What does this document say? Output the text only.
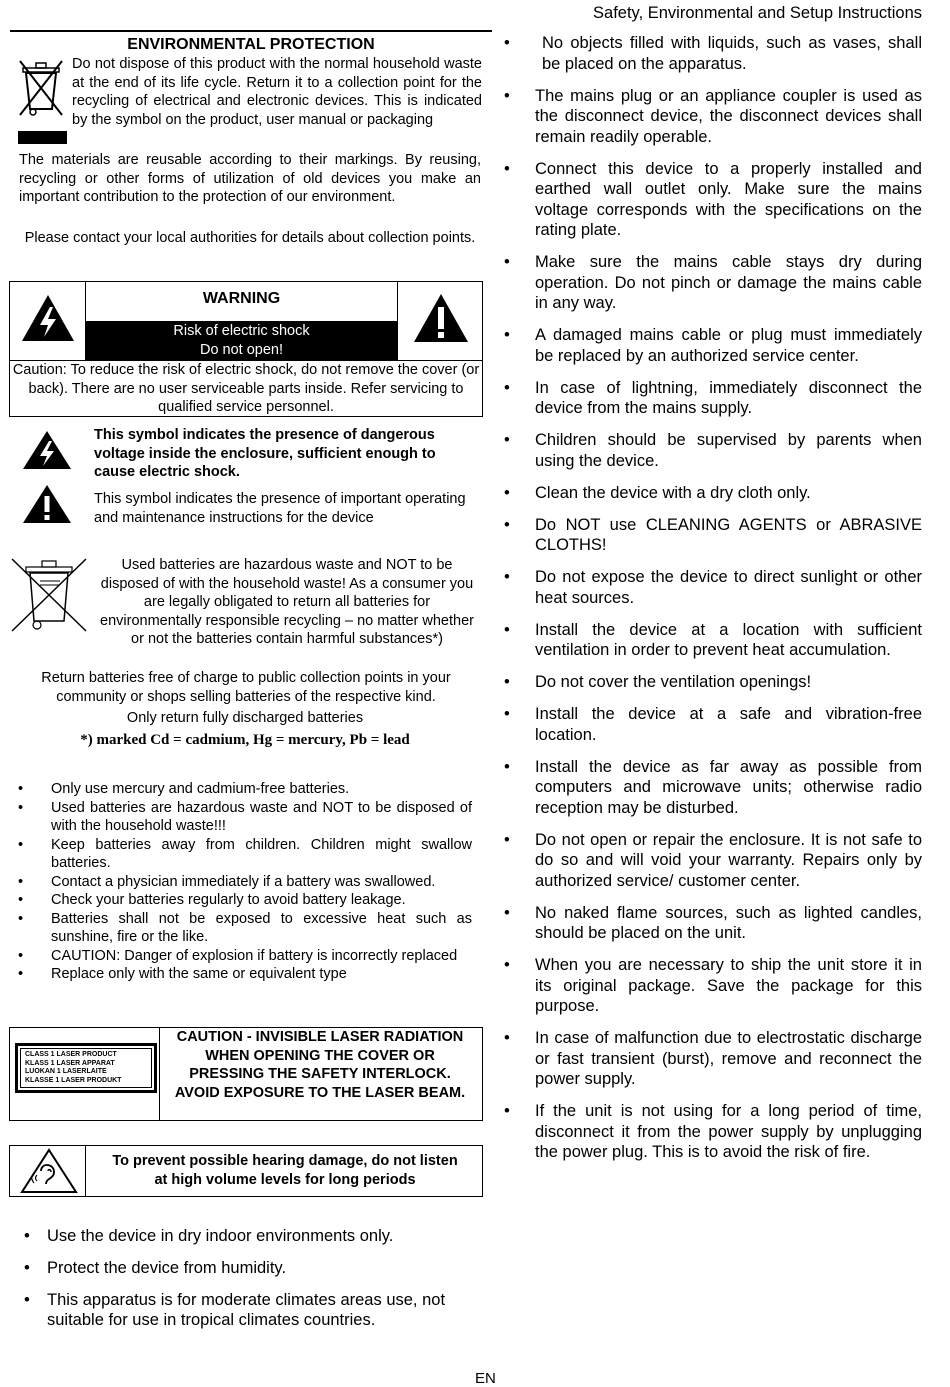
Safety, Environmental and Setup Instructions
ENVIRONMENTAL PROTECTION
Do not dispose of this product with the normal household waste at the end of its life cycle. Return it to a collection point for the recycling of electrical and electronic devices. This is indicated by the symbol on the product, user manual or packaging
The materials are reusable according to their markings. By reusing, recycling or other forms of utilization of old devices you make an important contribution to the protection of our environment.
Please contact your local authorities for details about collection points.
WARNING
Risk of electric shock
Do not open!
Caution: To reduce the risk of electric shock, do not remove the cover (or back). There are no user serviceable parts inside. Refer servicing to qualified service personnel.
This symbol indicates the presence of dangerous voltage inside the enclosure, sufficient enough to cause electric shock.
This symbol indicates the presence of important operating and maintenance instructions for the device
Used batteries are hazardous waste and NOT to be disposed of with the household waste! As a consumer you are legally obligated to return all batteries for environmentally responsible recycling – no matter whether or not the batteries contain harmful substances*)
Return batteries free of charge to public collection points in your community or shops selling batteries of the respective kind.
Only return fully discharged batteries
*) marked Cd = cadmium, Hg = mercury, Pb = lead
• Only use mercury and cadmium-free batteries.
• Used batteries are hazardous waste and NOT to be disposed of with the household waste!!!
• Keep batteries away from children. Children might swallow batteries.
• Contact a physician immediately if a battery was swallowed.
• Check your batteries regularly to avoid battery leakage.
• Batteries shall not be exposed to excessive heat such as sunshine, fire or the like.
• CAUTION: Danger of explosion if battery is incorrectly replaced
• Replace only with the same or equivalent type
CLASS 1 LASER PRODUCT
KLASS 1 LASER APPARAT
LUOKAN 1 LASERLAITE
KLASSE 1 LASER PRODUKT
CAUTION - INVISIBLE LASER RADIATION WHEN OPENING THE COVER OR PRESSING THE SAFETY INTERLOCK. AVOID EXPOSURE TO THE LASER BEAM.
To prevent possible hearing damage, do not listen at high volume levels for long periods
• Use the device in dry indoor environments only.
• Protect the device from humidity.
• This apparatus is for moderate climates areas use, not suitable for use in tropical climates countries.
• No objects filled with liquids, such as vases, shall be placed on the apparatus.
• The mains plug or an appliance coupler is used as the disconnect device, the disconnect devices shall remain readily operable.
• Connect this device to a properly installed and earthed wall outlet only. Make sure the mains voltage corresponds with the specifications on the rating plate.
• Make sure the mains cable stays dry during operation. Do not pinch or damage the mains cable in any way.
• A damaged mains cable or plug must immediately be replaced by an authorized service center.
• In case of lightning, immediately disconnect the device from the mains supply.
• Children should be supervised by parents when using the device.
• Clean the device with a dry cloth only.
• Do NOT use CLEANING AGENTS or ABRASIVE CLOTHS!
• Do not expose the device to direct sunlight or other heat sources.
• Install the device at a location with sufficient ventilation in order to prevent heat accumulation.
• Do not cover the ventilation openings!
• Install the device at a safe and vibration-free location.
• Install the device as far away as possible from computers and microwave units; otherwise radio reception may be disturbed.
• Do not open or repair the enclosure. It is not safe to do so and will void your warranty. Repairs only by authorized service/ customer center.
• No naked flame sources, such as lighted candles, should be placed on the unit.
• When you are necessary to ship the unit store it in its original package. Save the package for this purpose.
• In case of malfunction due to electrostatic discharge or fast transient (burst), remove and reconnect the power supply.
• If the unit is not using for a long period of time, disconnect it from the power supply by unplugging the power plug. This is to avoid the risk of fire.
EN
